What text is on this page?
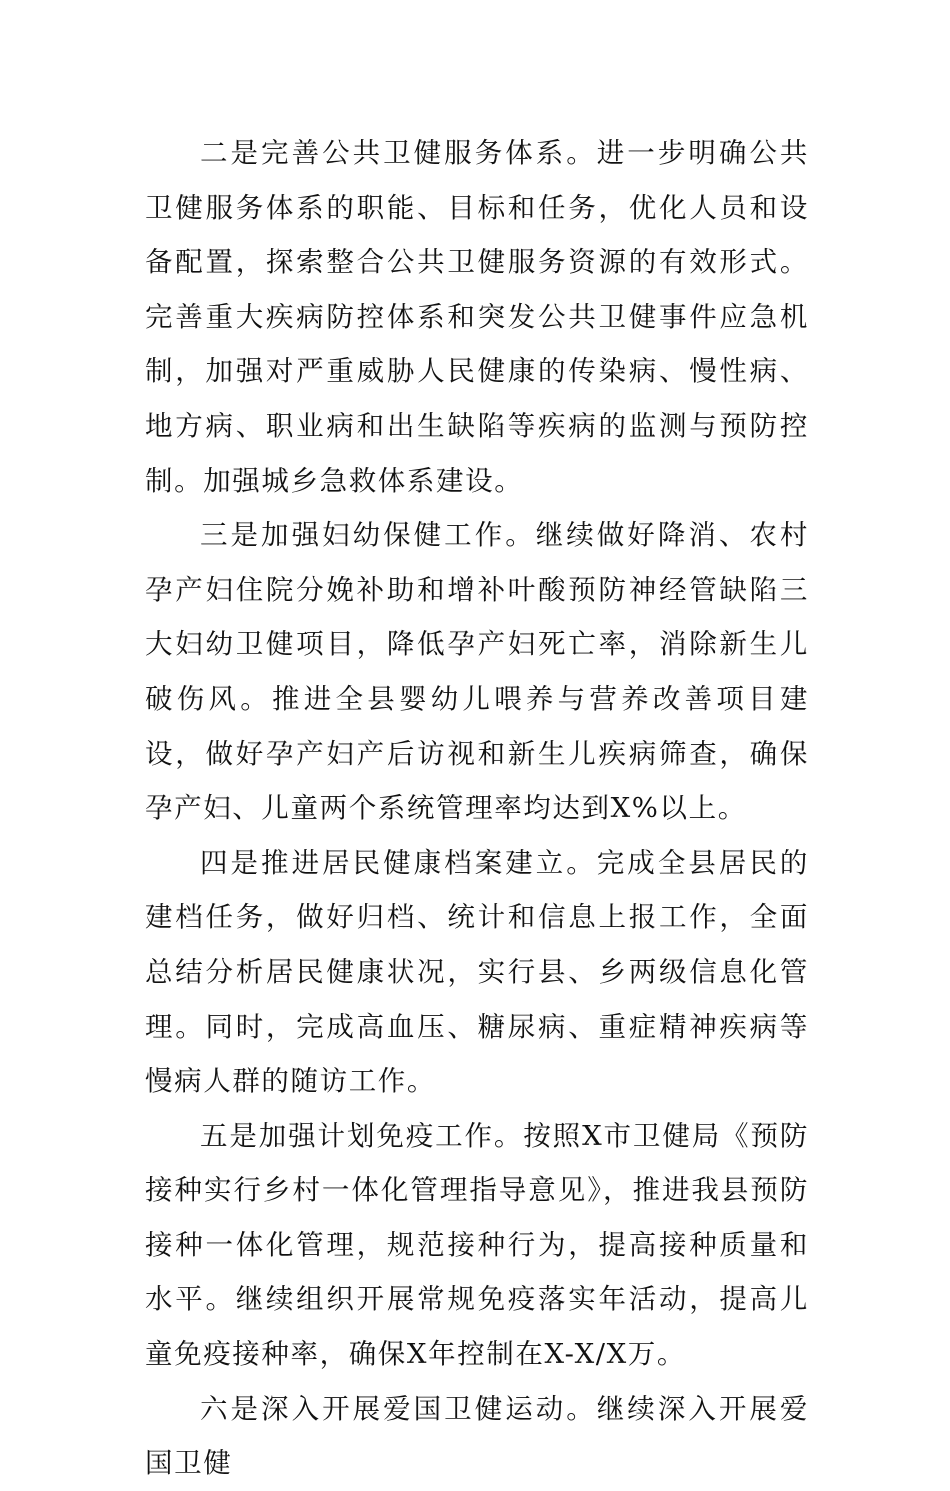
二是完善公共卫健服务体系。进一步明确公共卫健服务体系的职能、目标和任务，优化人员和设备配置，探索整合公共卫健服务资源的有效形式。完善重大疾病防控体系和突发公共卫健事件应急机制，加强对严重威胁人民健康的传染病、慢性病、地方病、职业病和出生缺陷等疾病的监测与预防控制。加强城乡急救体系建设。

三是加强妇幼保健工作。继续做好降消、农村孕产妇住院分娩补助和增补叶酸预防神经管缺陷三大妇幼卫健项目，降低孕产妇死亡率，消除新生儿破伤风。推进全县婴幼儿喂养与营养改善项目建设，做好孕产妇产后访视和新生儿疾病筛查，确保孕产妇、儿童两个系统管理率均达到X%以上。

四是推进居民健康档案建立。完成全县居民的建档任务，做好归档、统计和信息上报工作，全面总结分析居民健康状况，实行县、乡两级信息化管理。同时，完成高血压、糖尿病、重症精神疾病等慢病人群的随访工作。

五是加强计划免疫工作。按照X市卫健局《预防接种实行乡村一体化管理指导意见》，推进我县预防接种一体化管理，规范接种行为，提高接种质量和水平。继续组织开展常规免疫落实年活动，提高儿童免疫接种率，确保X年控制在X-X/X万。

六是深入开展爱国卫健运动。继续深入开展爱国卫健
